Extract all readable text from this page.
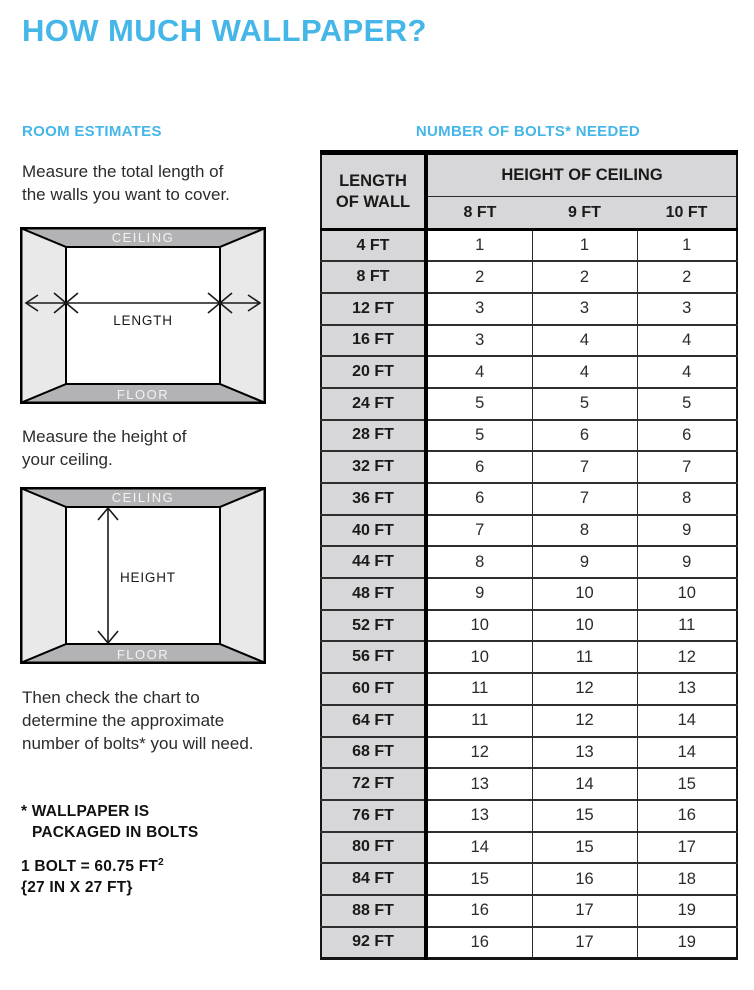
HOW MUCH WALLPAPER?
ROOM ESTIMATES	NUMBER OF BOLTS* NEEDED
Measure the total length of
the walls you want to cover.
CEILING
FLOOR
LENGTH
Measure the height of
your ceiling.
CEILING
FLOOR
HEIGHT
Then check the chart to
determine the approximate
number of bolts* you will need.
* WALLPAPER IS
PACKAGED IN BOLTS
1 BOLT = 60.75 $FT^2$
{27 IN X 27 FT}
LENGTH OF WALL	HEIGHT OF CEILING		
	8 FT	9 FT	10 FT
4 FT	1	1	1
8 FT	2	2	2
12 FT	3	3	3
16 FT	3	4	4
20 FT	4	4	4
24 FT	5	5	5
28 FT	5	6	6
32 FT	6	7	7
36 FT	6	7	8
40 FT	7	8	9
44 FT	8	9	9
48 FT	9	10	10
52 FT	10	10	11
56 FT	10	11	12
60 FT	11	12	13
64 FT	11	12	14
68 FT	12	13	14
72 FT	13	14	15
76 FT	13	15	16
80 FT	14	15	17
84 FT	15	16	18
88 FT	16	17	19
92 FT	16	17	19
